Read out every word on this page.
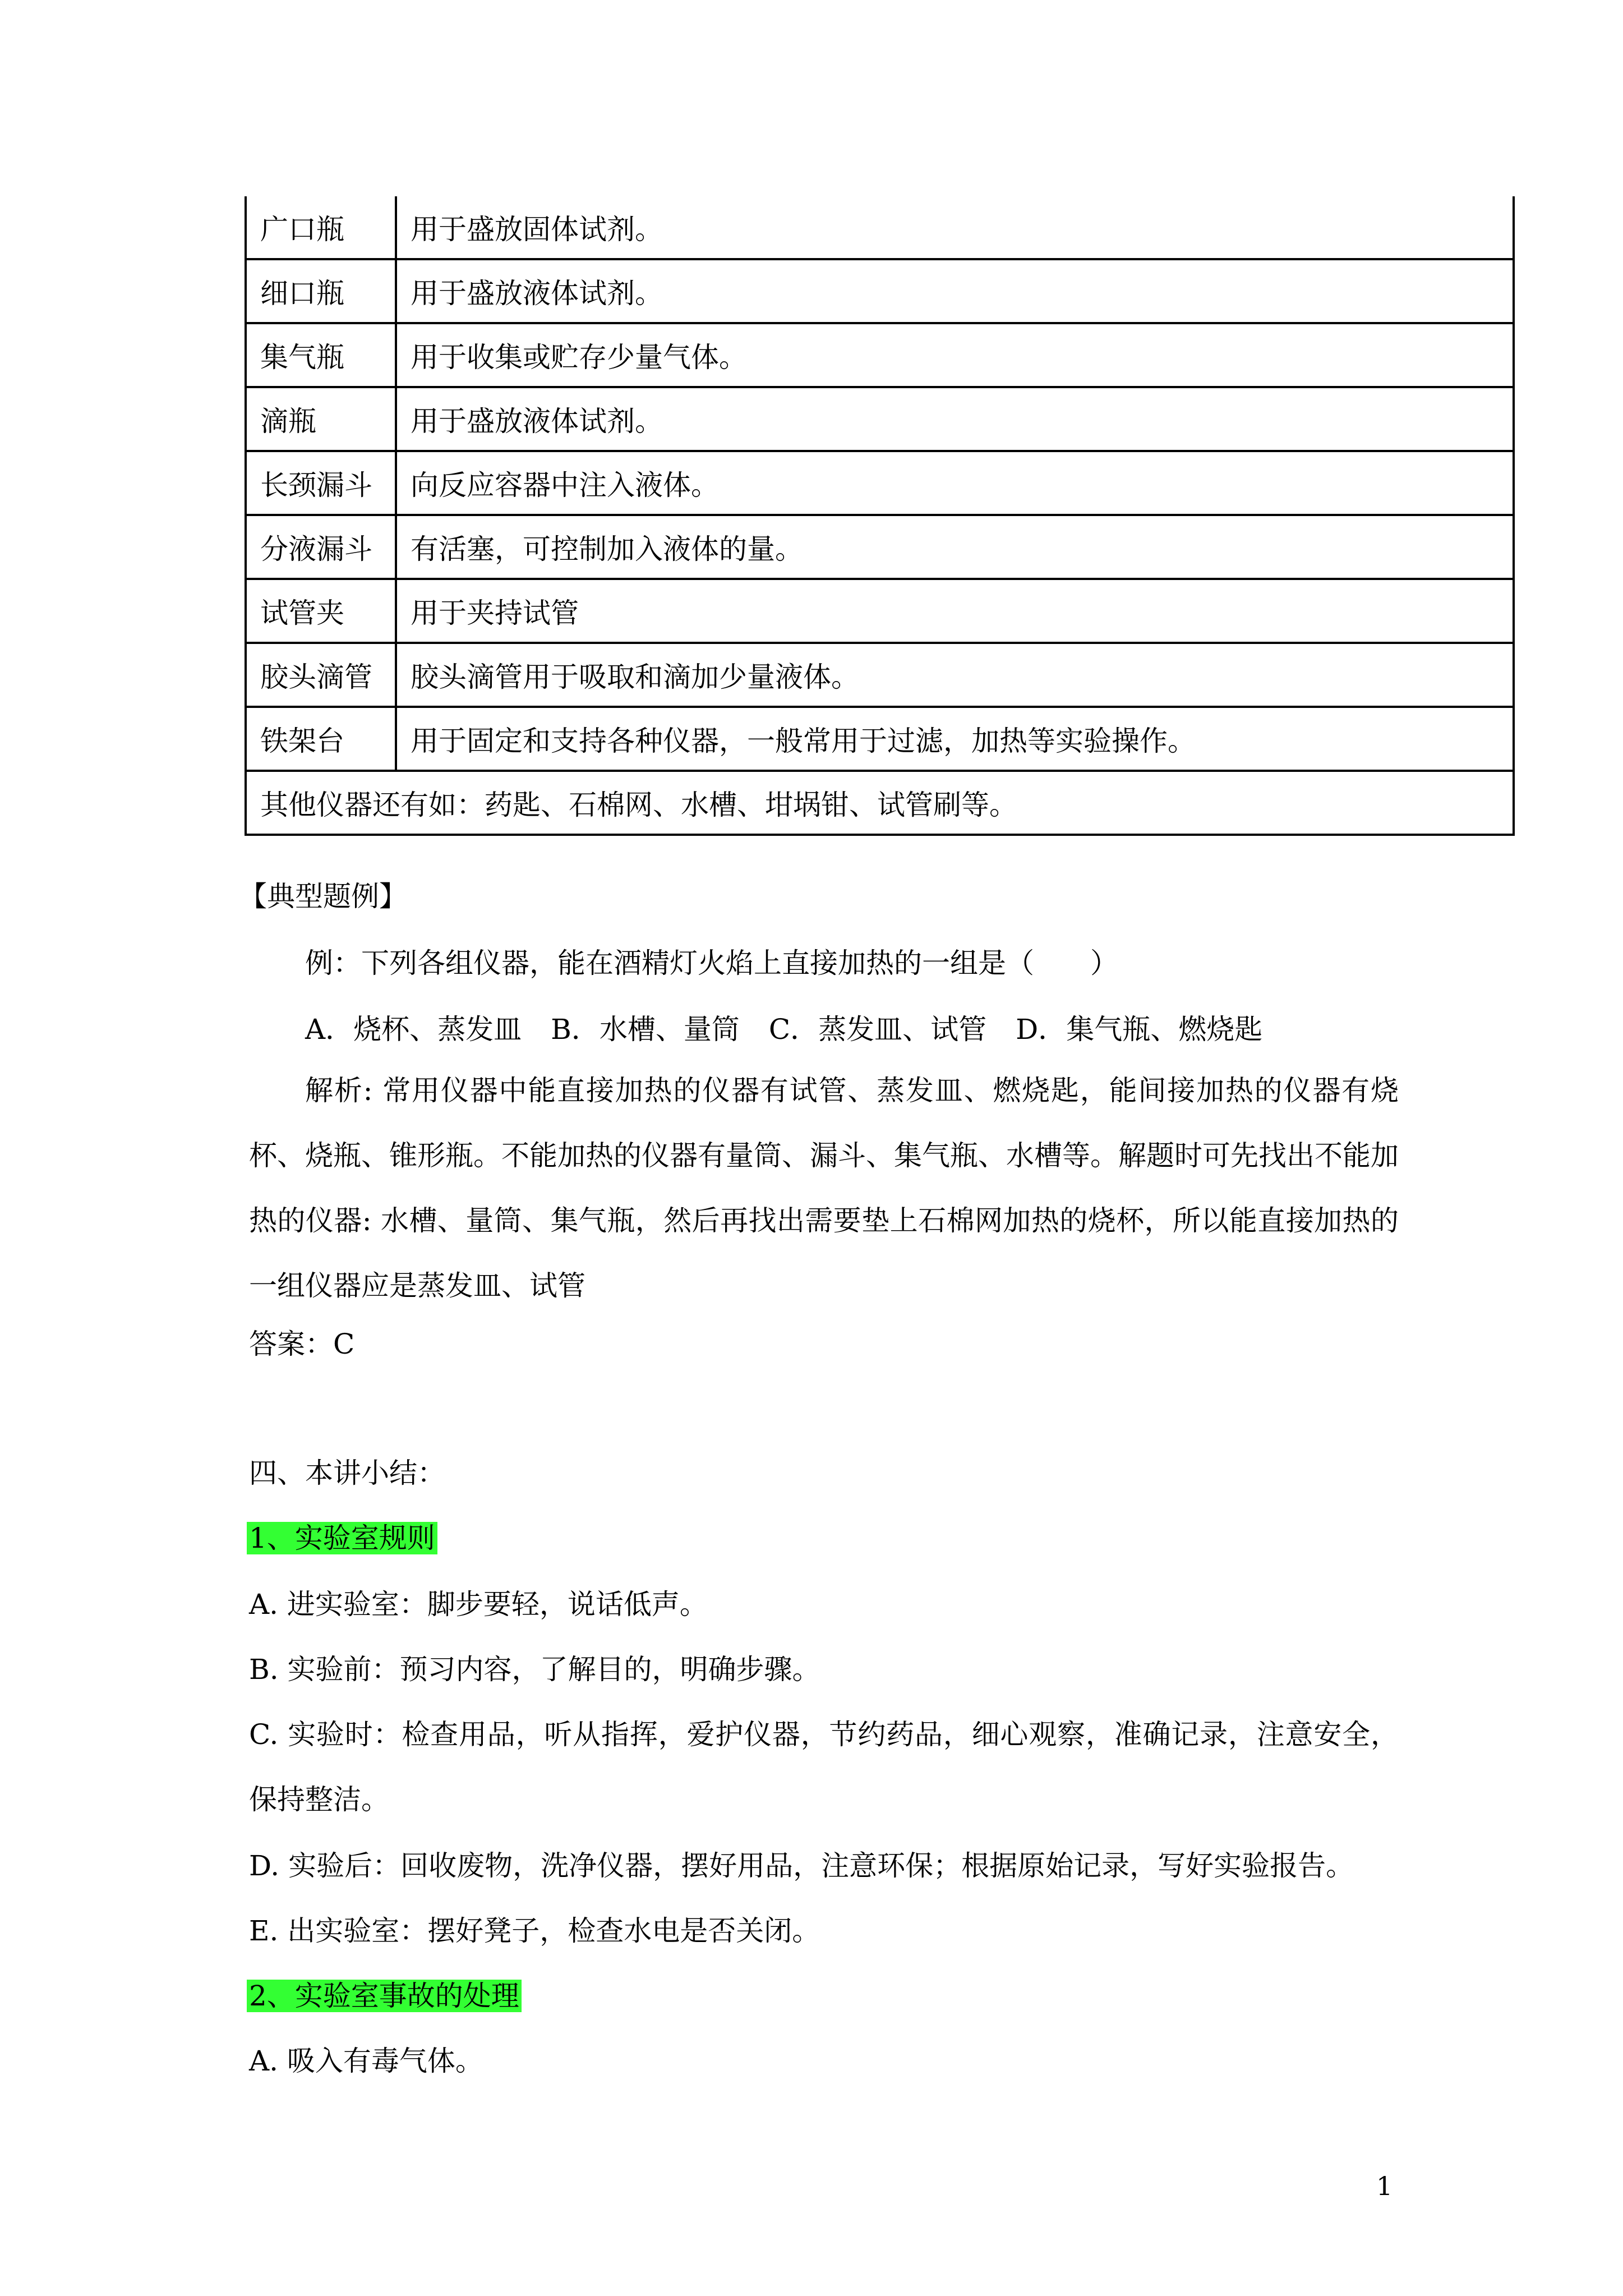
广口瓶	用于盛放固体试剂。
细口瓶	用于盛放液体试剂。
集气瓶	用于收集或贮存少量气体。
滴瓶	用于盛放液体试剂。
长颈漏斗	向反应容器中注入液体。
分液漏斗	有活塞，可控制加入液体的量。
试管夹	用于夹持试管
胶头滴管	胶头滴管用于吸取和滴加少量液体。
铁架台	用于固定和支持各种仪器，一般常用于过滤，加热等实验操作。
其他仪器还有如：药匙、石棉网、水槽、坩埚钳、试管刷等。	
【典型题例】
例：下列各组仪器，能在酒精灯火焰上直接加热的一组是（　　）
A．烧杯、蒸发皿 B．水槽、量筒 C．蒸发皿、试管 D．集气瓶、燃烧匙
解析: 常用仪器中能直接加热的仪器有试管、蒸发皿、燃烧匙，能间接加热的仪器有烧杯、烧瓶、锥形瓶。不能加热的仪器有量筒、漏斗、集气瓶、水槽等。解题时可先找出不能加热的仪器: 水槽、量筒、集气瓶，然后再找出需要垫上石棉网加热的烧杯，所以能直接加热的一组仪器应是蒸发皿、试管
答案：C
四、本讲小结：
1、实验室规则
A. 进实验室：脚步要轻，说话低声。
B. 实验前：预习内容，了解目的，明确步骤。
C. 实验时：检查用品，听从指挥，爱护仪器，节约药品，细心观察，准确记录，注意安全，保持整洁。
D. 实验后：回收废物，洗净仪器，摆好用品，注意环保；根据原始记录，写好实验报告。
E. 出实验室：摆好凳子，检查水电是否关闭。
2、实验室事故的处理
A. 吸入有毒气体。
1
